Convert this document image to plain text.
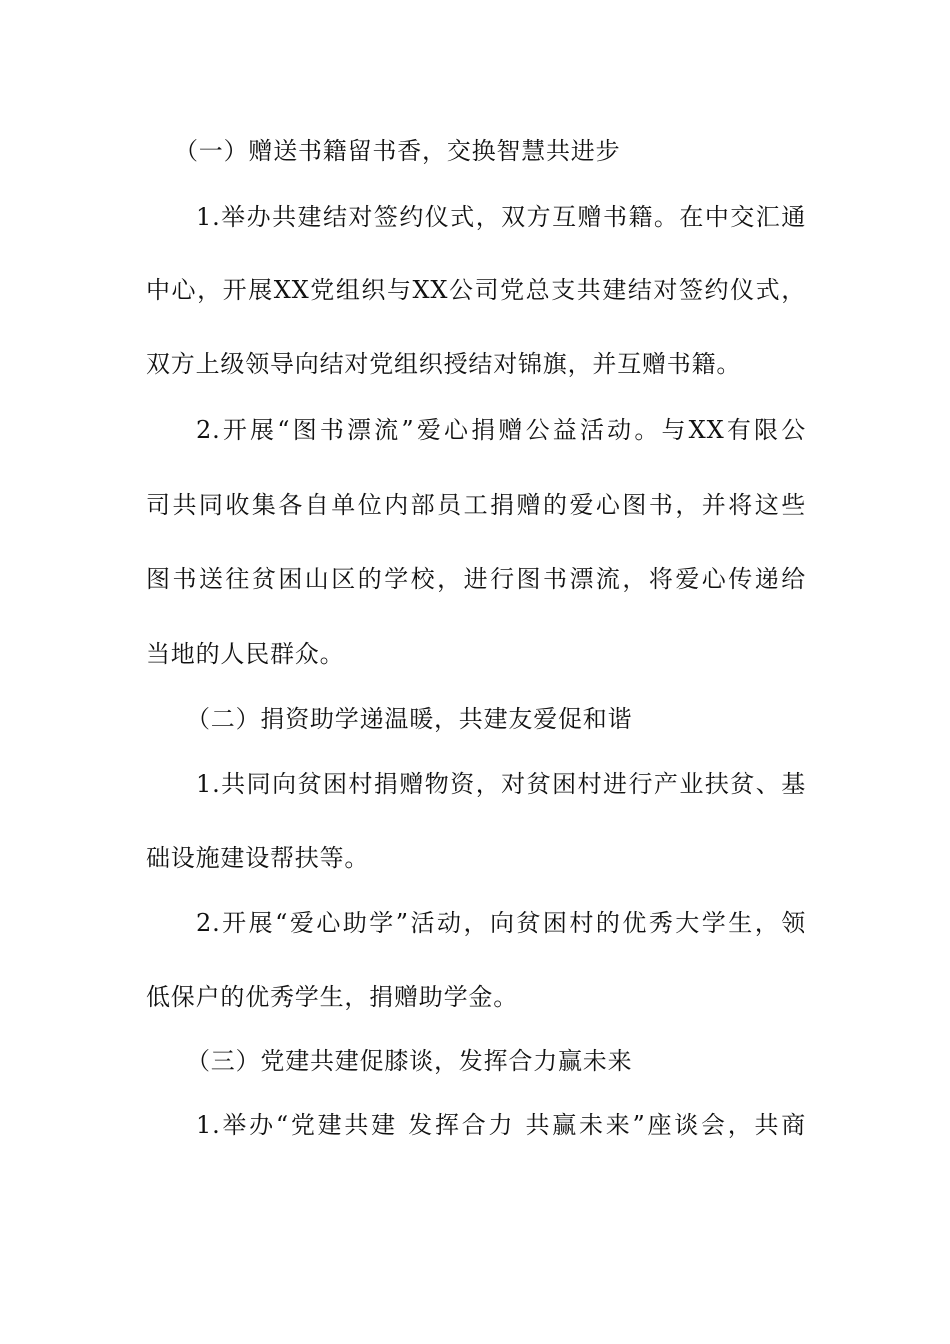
（一）赠送书籍留书香，交换智慧共进步
1.举办共建结对签约仪式，双方互赠书籍。在中交汇通
中心，开展XX党组织与XX公司党总支共建结对签约仪式，
双方上级领导向结对党组织授结对锦旗，并互赠书籍。
2.开展“图书漂流”爱心捐赠公益活动。与XX有限公
司共同收集各自单位内部员工捐赠的爱心图书，并将这些
图书送往贫困山区的学校，进行图书漂流，将爱心传递给
当地的人民群众。
（二）捐资助学递温暖，共建友爱促和谐
1.共同向贫困村捐赠物资，对贫困村进行产业扶贫、基
础设施建设帮扶等。
2.开展“爱心助学”活动，向贫困村的优秀大学生，领
低保户的优秀学生，捐赠助学金。
（三）党建共建促膝谈，发挥合力赢未来
1.举办“党建共建 发挥合力 共赢未来”座谈会，共商
